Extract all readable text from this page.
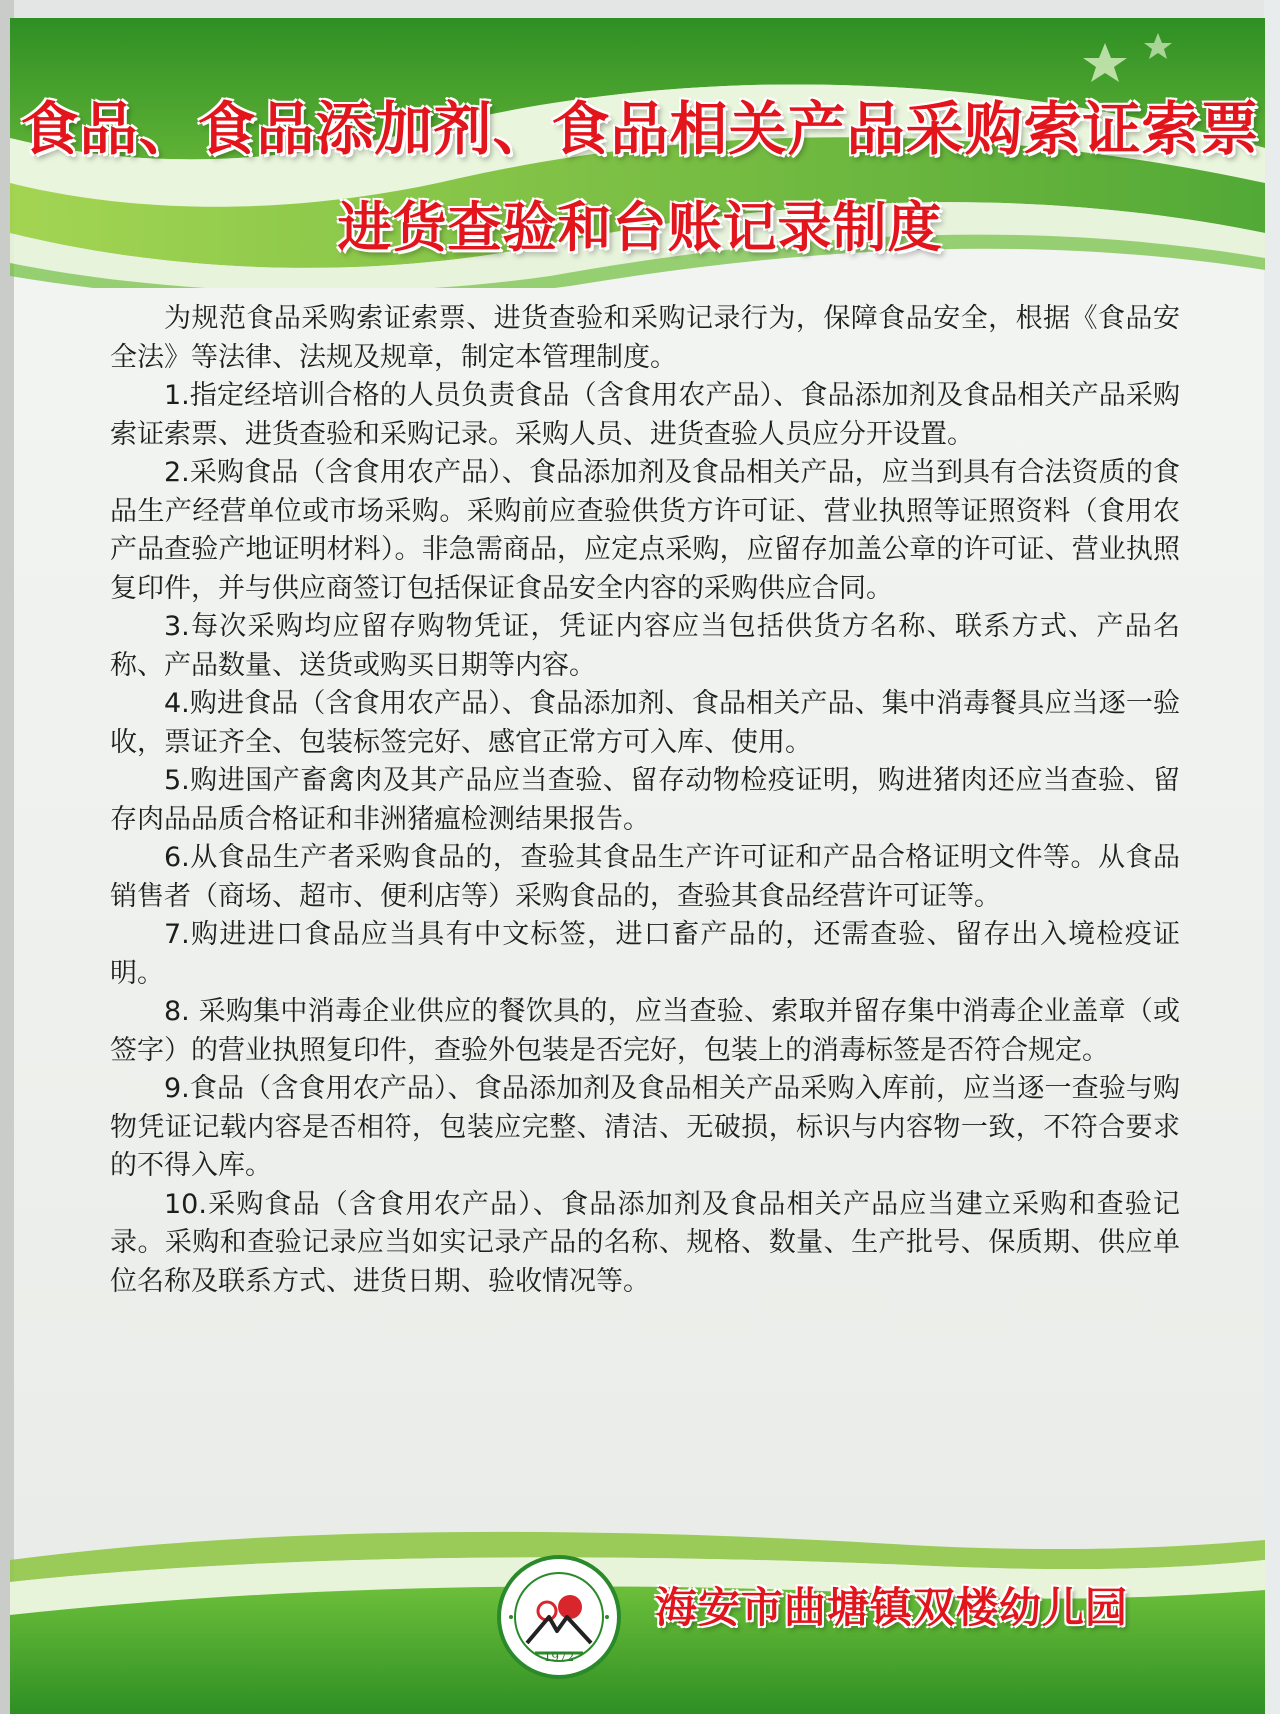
食品、食品添加剂、食品相关产品采购索证索票
进货查验和台账记录制度

为规范食品采购索证索票、进货查验和采购记录行为，保障食品安全，根据《食品安全法》等法律、法规及规章，制定本管理制度。

1.指定经培训合格的人员负责食品（含食用农产品）、食品添加剂及食品相关产品采购索证索票、进货查验和采购记录。采购人员、进货查验人员应分开设置。

2.采购食品（含食用农产品）、食品添加剂及食品相关产品，应当到具有合法资质的食品生产经营单位或市场采购。采购前应查验供货方许可证、营业执照等证照资料（食用农产品查验产地证明材料）。非急需商品，应定点采购，应留存加盖公章的许可证、营业执照复印件，并与供应商签订包括保证食品安全内容的采购供应合同。

3.每次采购均应留存购物凭证，凭证内容应当包括供货方名称、联系方式、产品名称、产品数量、送货或购买日期等内容。

4.购进食品（含食用农产品）、食品添加剂、食品相关产品、集中消毒餐具应当逐一验收，票证齐全、包装标签完好、感官正常方可入库、使用。

5.购进国产畜禽肉及其产品应当查验、留存动物检疫证明，购进猪肉还应当查验、留存肉品品质合格证和非洲猪瘟检测结果报告。

6.从食品生产者采购食品的，查验其食品生产许可证和产品合格证明文件等。从食品销售者（商场、超市、便利店等）采购食品的，查验其食品经营许可证等。

7.购进进口食品应当具有中文标签，进口畜产品的，还需查验、留存出入境检疫证明。

8. 采购集中消毒企业供应的餐饮具的，应当查验、索取并留存集中消毒企业盖章（或签字）的营业执照复印件，查验外包装是否完好，包装上的消毒标签是否符合规定。

9.食品（含食用农产品）、食品添加剂及食品相关产品采购入库前，应当逐一查验与购物凭证记载内容是否相符，包装应完整、清洁、无破损，标识与内容物一致，不符合要求的不得入库。

10.采购食品（含食用农产品）、食品添加剂及食品相关产品应当建立采购和查验记录。采购和查验记录应当如实记录产品的名称、规格、数量、生产批号、保质期、供应单位名称及联系方式、进货日期、验收情况等。

1972
海安市曲塘镇双楼幼儿园
